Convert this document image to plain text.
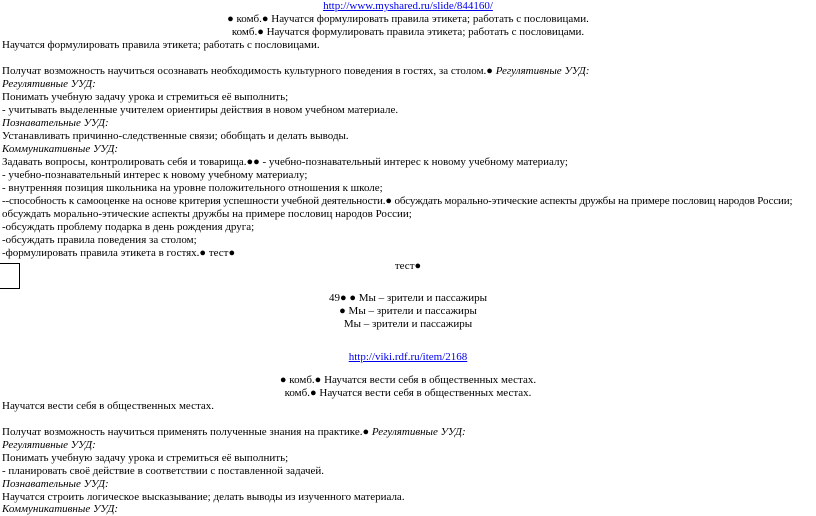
http://www.myshared.ru/slide/844160/
● комб.● Научатся формулировать правила этикета; работать с пословицами.
комб.● Научатся формулировать правила этикета; работать с пословицами.
Научатся формулировать правила этикета; работать с пословицами.
Получат возможность научиться осознавать необходимость культурного поведения в гостях, за столом.● Регулятивные УУД:
Регулятивные УУД:
Понимать учебную задачу урока и стремиться её выполнить;
- учитывать выделенные учителем ориентиры действия в новом учебном материале.
Познавательные УУД:
Устанавливать причинно-следственные связи; обобщать и делать выводы.
Коммуникативные УУД:
Задавать вопросы, контролировать себя и товарища.●● - учебно-познавательный интерес к новому учебному материалу;
- учебно-познавательный интерес к новому учебному материалу;
- внутренняя позиция школьника на уровне положительного отношения к школе;
--способность к самооценке на основе критерия успешности учебной деятельности.● обсуждать морально-этические аспекты дружбы на примере пословиц народов России;
обсуждать морально-этические аспекты дружбы на примере пословиц народов России;
-обсуждать проблему подарка в день рождения друга;
-обсуждать правила поведения за столом;
-формулировать правила этикета в гостях.● тест●
тест●
49● ● Мы – зрители и пассажиры
● Мы – зрители и пассажиры
Мы – зрители и пассажиры
http://viki.rdf.ru/item/2168
● комб.● Научатся вести себя в общественных местах.
комб.● Научатся вести себя в общественных местах.
Научатся вести себя в общественных местах.
Получат возможность научиться применять полученные знания на практике.● Регулятивные УУД:
Регулятивные УУД:
Понимать учебную задачу урока и стремиться её выполнить;
- планировать своё действие в соответствии с поставленной задачей.
Познавательные УУД:
Научатся строить логическое высказывание; делать выводы из изученного материала.
Коммуникативные УУД:
